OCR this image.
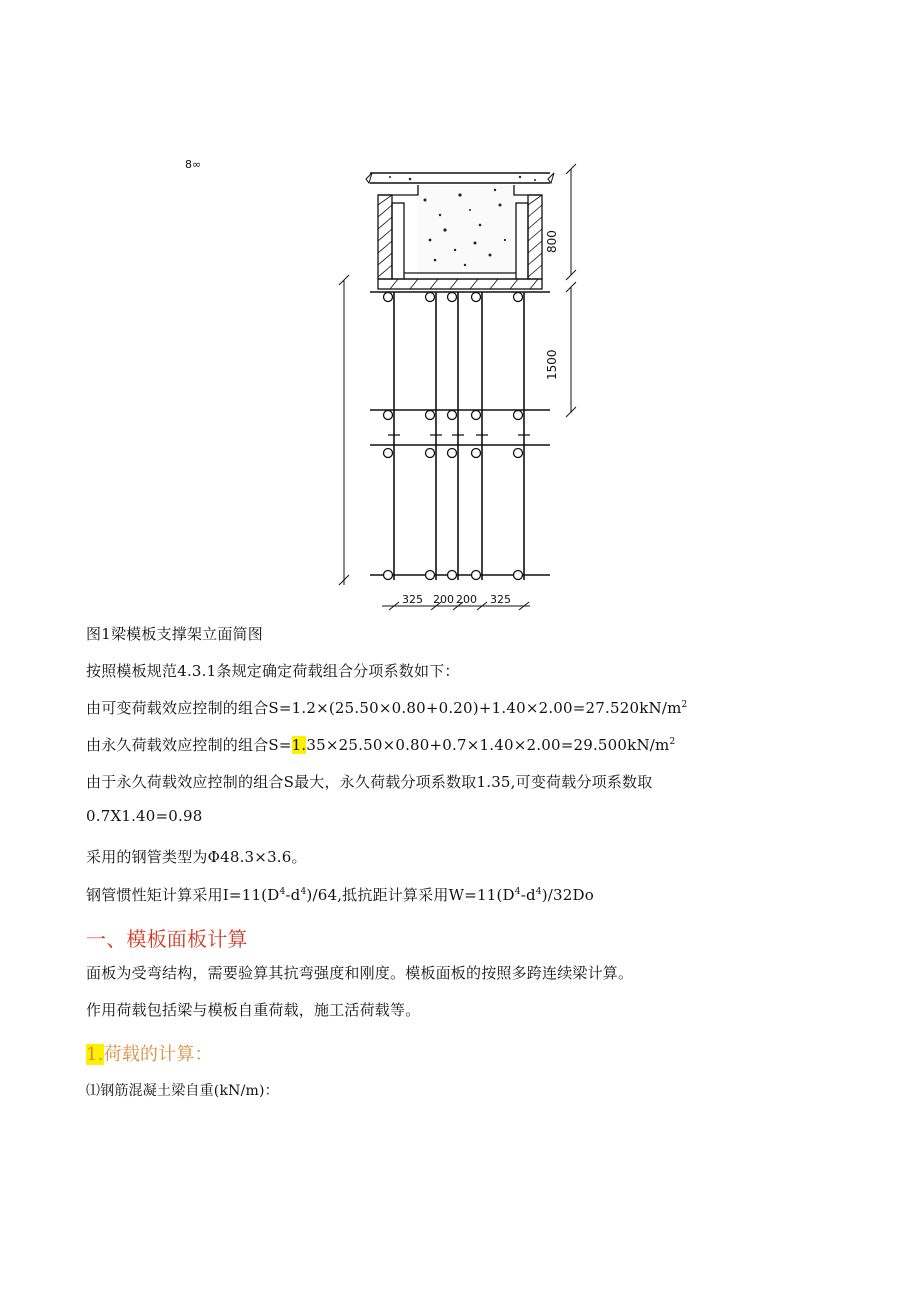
8∞
800
1500
325 200 200 325
图1梁模板支撑架立面简图
按照模板规范4.3.1条规定确定荷载组合分项系数如下：
由可变荷载效应控制的组合$S=1.2\times(25.50\times 0.80+0.20)+1.40\times 2.00=27.520kN/m^2$
由永久荷载效应控制的组合$S=1.35\times 25.50\times 0.80+0.7\times 1.40\times 2.00=29.500kN/m^2$
由于永久荷载效应控制的组合S最大，永久荷载分项系数取1.35,可变荷载分项系数取
0.7X1.40=0.98
采用的钢管类型为Φ48.3×3.6。
钢管惯性矩计算采用$I=11(D^4-d^4)/64$,抵抗距计算采用$W=11(D^4-d^4)/32Do$
一、模板面板计算
面板为受弯结构，需要验算其抗弯强度和刚度。模板面板的按照多跨连续梁计算。
作用荷载包括梁与模板自重荷载，施工活荷载等。
1.荷载的计算：
⑴钢筋混凝土梁自重(kN/m)：
